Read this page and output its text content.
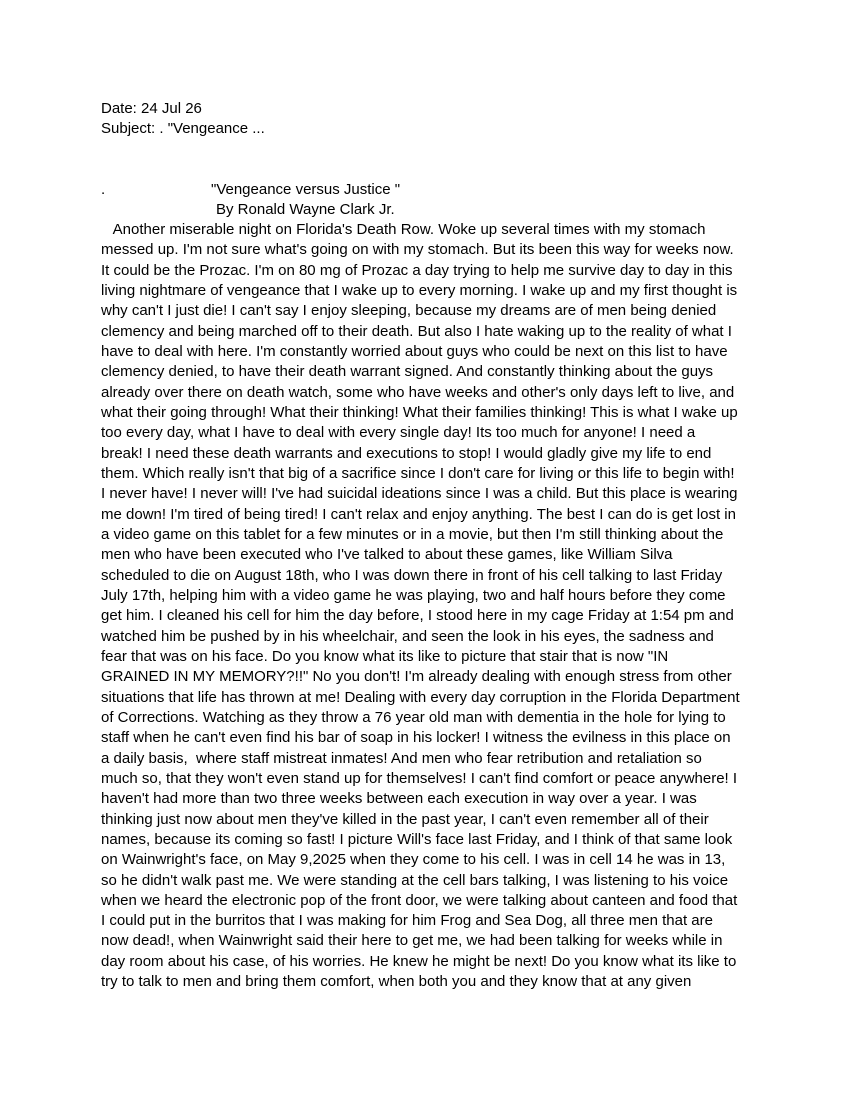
Date: 24 Jul 26
Subject: . "Vengeance ...
.	"Vengeance versus Justice "
By Ronald Wayne Clark Jr.
Another miserable night on Florida's Death Row. Woke up several times with my stomach
messed up. I'm not sure what's going on with my stomach. But its been this way for weeks now.
It could be the Prozac. I'm on 80 mg of Prozac a day trying to help me survive day to day in this
living nightmare of vengeance that I wake up to every morning. I wake up and my first thought is
why can't I just die! I can't say I enjoy sleeping, because my dreams are of men being denied
clemency and being marched off to their death. But also I hate waking up to the reality of what I
have to deal with here. I'm constantly worried about guys who could be next on this list to have
clemency denied, to have their death warrant signed. And constantly thinking about the guys
already over there on death watch, some who have weeks and other's only days left to live, and
what their going through! What their thinking! What their families thinking! This is what I wake up
too every day, what I have to deal with every single day! Its too much for anyone! I need a
break! I need these death warrants and executions to stop! I would gladly give my life to end
them. Which really isn't that big of a sacrifice since I don't care for living or this life to begin with!
I never have! I never will! I've had suicidal ideations since I was a child. But this place is wearing
me down! I'm tired of being tired! I can't relax and enjoy anything. The best I can do is get lost in
a video game on this tablet for a few minutes or in a movie, but then I'm still thinking about the
men who have been executed who I've talked to about these games, like William Silva
scheduled to die on August 18th, who I was down there in front of his cell talking to last Friday
July 17th, helping him with a video game he was playing, two and half hours before they come
get him. I cleaned his cell for him the day before, I stood here in my cage Friday at 1:54 pm and
watched him be pushed by in his wheelchair, and seen the look in his eyes, the sadness and
fear that was on his face. Do you know what its like to picture that stair that is now "IN
GRAINED IN MY MEMORY?!!" No you don't! I'm already dealing with enough stress from other
situations that life has thrown at me! Dealing with every day corruption in the Florida Department
of Corrections. Watching as they throw a 76 year old man with dementia in the hole for lying to
staff when he can't even find his bar of soap in his locker! I witness the evilness in this place on
a daily basis,  where staff mistreat inmates! And men who fear retribution and retaliation so
much so, that they won't even stand up for themselves! I can't find comfort or peace anywhere! I
haven't had more than two three weeks between each execution in way over a year. I was
thinking just now about men they've killed in the past year, I can't even remember all of their
names, because its coming so fast! I picture Will's face last Friday, and I think of that same look
on Wainwright's face, on May 9,2025 when they come to his cell. I was in cell 14 he was in 13,
so he didn't walk past me. We were standing at the cell bars talking, I was listening to his voice
when we heard the electronic pop of the front door, we were talking about canteen and food that
I could put in the burritos that I was making for him Frog and Sea Dog, all three men that are
now dead!, when Wainwright said their here to get me, we had been talking for weeks while in
day room about his case, of his worries. He knew he might be next! Do you know what its like to
try to talk to men and bring them comfort, when both you and they know that at any given
